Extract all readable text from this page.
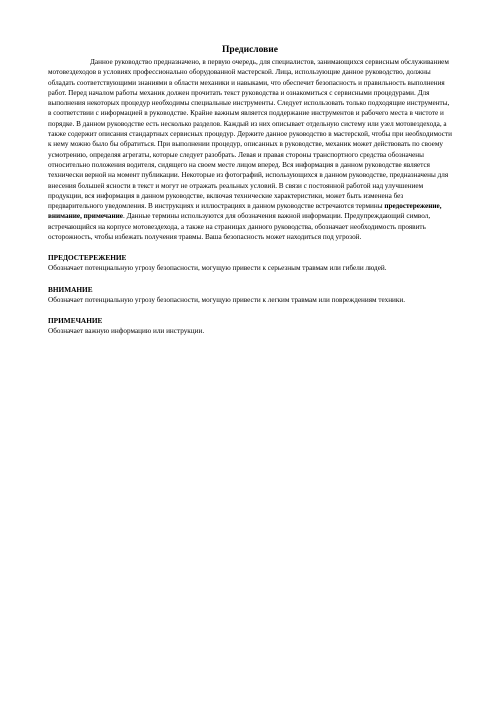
Предисловие

Данное руководство предназначено, в первую очередь, для специалистов, занимающихся сервисным обслуживанием мотовездеходов в условиях профессионально оборудованной мастерской. Лица, использующие данное руководство, должны обладать соответствующими знаниями в области механики и навыками, что обеспечит безопасность и правильность выполнения работ. Перед началом работы механик должен прочитать текст руководства и ознакомиться с сервисными процедурами. Для выполнения некоторых процедур необходимы специальные инструменты. Следует использовать только подходящие инструменты, в соответствии с информацией в руководстве. Крайне важным является поддержание инструментов и рабочего места в чистоте и порядке. В данном руководстве есть несколько разделов. Каждый из них описывает отдельную систему или узел мотовездехода, а также содержит описания стандартных сервисных процедур. Держите данное руководство в мастерской, чтобы при необходимости к нему можно было бы обратиться. При выполнении процедур, описанных в руководстве, механик может действовать по своему усмотрению, определяя агрегаты, которые следует разобрать. Левая и правая стороны транспортного средства обозначены относительно положения водителя, сидящего на своем месте лицом вперед. Вся информация в данном руководстве является технически верной на момент публикации. Некоторые из фотографий, использующихся в данном руководстве, предназначены для внесения большей ясности в текст и могут не отражать реальных условий. В связи с постоянной работой над улучшением продукции, вся информация в данном руководстве, включая технические характеристики, может быть изменена без предварительного уведомления. В инструкциях и иллюстрациях в данном руководстве встречаются термины предостережение, внимание, примечание. Данные термины используются для обозначения важной информации. Предупреждающий символ, встречающийся на корпусе мотовездехода, а также на страницах данного руководства, обозначает необходимость проявить осторожность, чтобы избежать получения травмы. Ваша безопасность может находиться под угрозой.

ПРЕДОСТЕРЕЖЕНИЕ

Обозначает потенциальную угрозу безопасности, могущую привести к серьезным травмам или гибели людей.

ВНИМАНИЕ

Обозначает потенциальную угрозу безопасности, могущую привести к легким травмам или повреждениям техники.

ПРИМЕЧАНИЕ

Обозначает важную информацию или инструкции.
